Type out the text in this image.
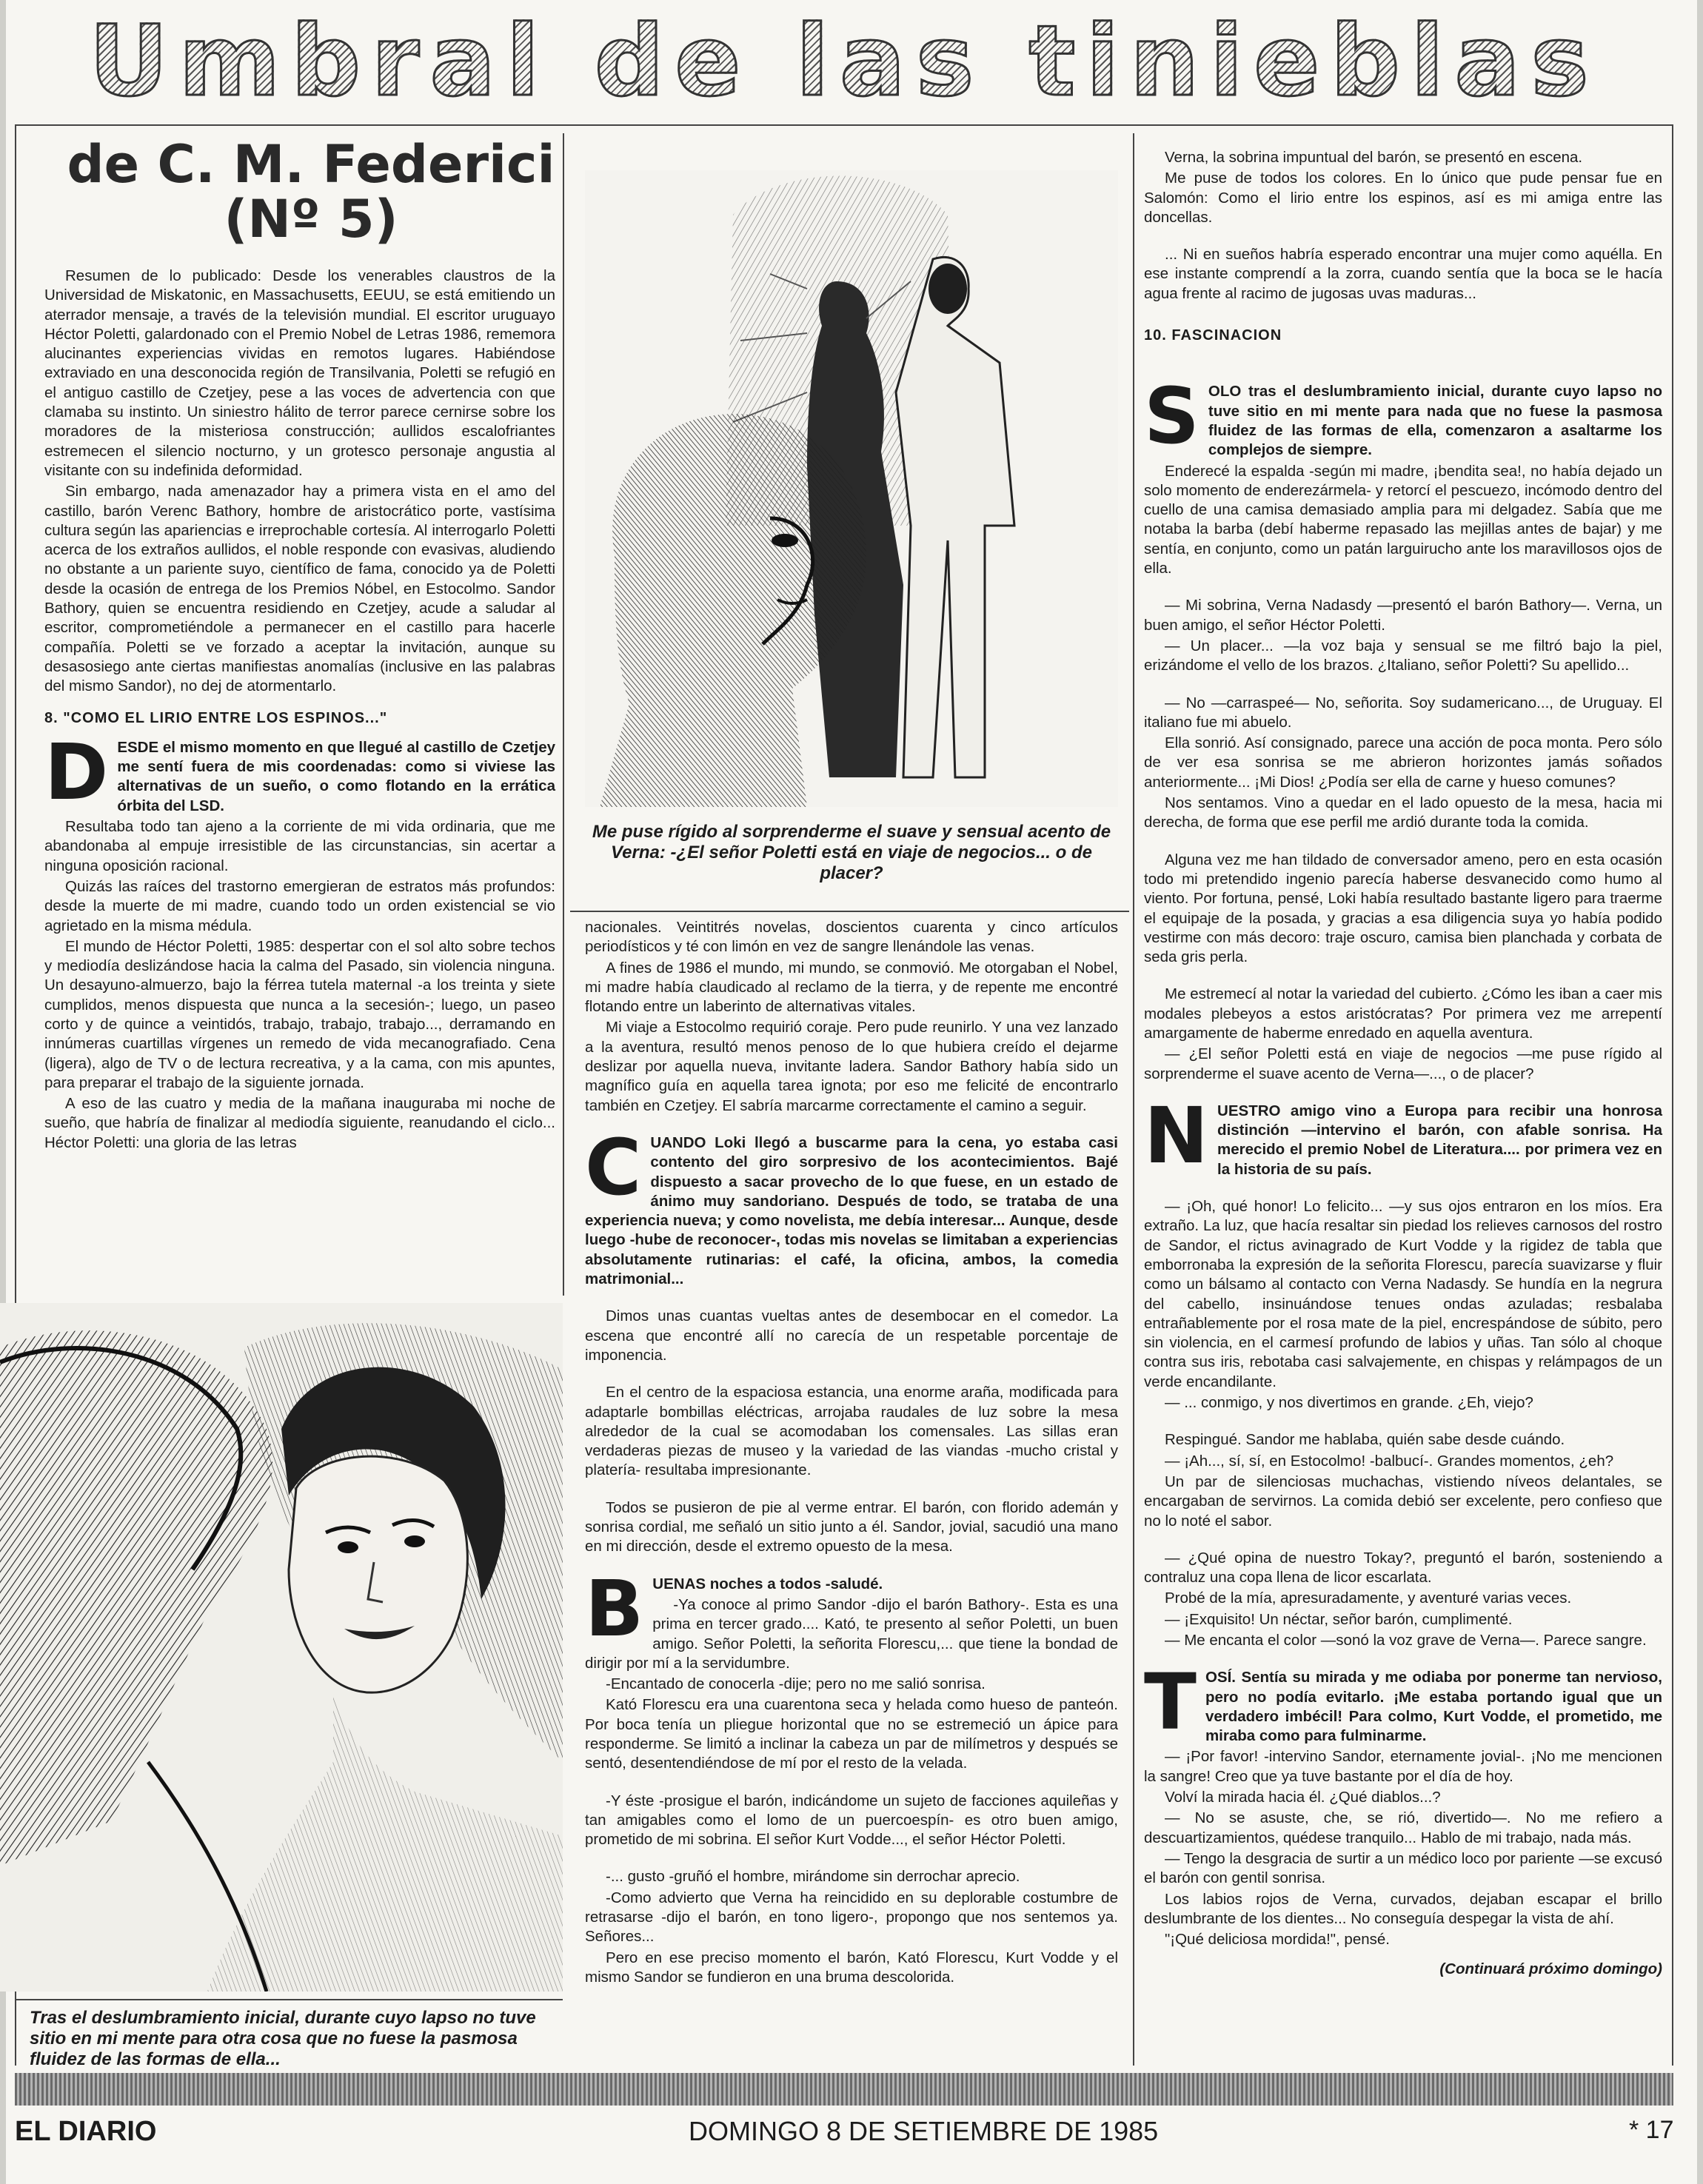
Umbral de las tinieblas
de C. M. Federici
(Nº 5)

Resumen de lo publicado: Desde los venerables claustros de la Universidad de Miskatonic, en Massachusetts, EEUU, se está emitiendo un aterrador mensaje, a través de la televisión mundial. El escritor uruguayo Héctor Poletti, galardonado con el Premio Nobel de Letras 1986, rememora alucinantes experiencias vividas en remotos lugares. Habiéndose extraviado en una desconocida región de Transilvania, Poletti se refugió en el antiguo castillo de Czetjey, pese a las voces de advertencia con que clamaba su instinto. Un siniestro hálito de terror parece cernirse sobre los moradores de la misteriosa construcción; aullidos escalofriantes estremecen el silencio nocturno, y un grotesco personaje angustia al visitante con su indefinida deformidad.

Sin embargo, nada amenazador hay a primera vista en el amo del castillo, barón Verenc Bathory, hombre de aristocrático porte, vastísima cultura según las apariencias e irreprochable cortesía. Al interrogarlo Poletti acerca de los extraños aullidos, el noble responde con evasivas, aludiendo no obstante a un pariente suyo, científico de fama, conocido ya de Poletti desde la ocasión de entrega de los Premios Nóbel, en Estocolmo. Sandor Bathory, quien se encuentra residiendo en Czetjey, acude a saludar al escritor, comprometiéndole a permanecer en el castillo para hacerle compañía. Poletti se ve forzado a aceptar la invitación, aunque su desasosiego ante ciertas manifiestas anomalías (inclusive en las palabras del mismo Sandor), no dej de atormentarlo.

8. "COMO EL LIRIO ENTRE LOS ESPINOS..."

DESDE el mismo momento en que llegué al castillo de Czetjey me sentí fuera de mis coordenadas: como si viviese las alternativas de un sueño, o como flotando en la errática órbita del LSD.

Resultaba todo tan ajeno a la corriente de mi vida ordinaria, que me abandonaba al empuje irresistible de las circunstancias, sin acertar a ninguna oposición racional.

Quizás las raíces del trastorno emergieran de estratos más profundos: desde la muerte de mi madre, cuando todo un orden existencial se vio agrietado en la misma médula.

El mundo de Héctor Poletti, 1985: despertar con el sol alto sobre techos y mediodía deslizándose hacia la calma del Pasado, sin violencia ninguna. Un desayuno-almuerzo, bajo la férrea tutela maternal -a los treinta y siete cumplidos, menos dispuesta que nunca a la secesión-; luego, un paseo corto y de quince a veintidós, trabajo, trabajo, trabajo..., derramando en innúmeras cuartillas vírgenes un remedo de vida mecanografiado. Cena (ligera), algo de TV o de lectura recreativa, y a la cama, con mis apuntes, para preparar el trabajo de la siguiente jornada.

A eso de las cuatro y media de la mañana inauguraba mi noche de sueño, que habría de finalizar al mediodía siguiente, reanudando el ciclo... Héctor Poletti: una gloria de las letras

Tras el deslumbramiento inicial, durante cuyo lapso no tuve sitio en mi mente para otra cosa que no fuese la pasmosa fluidez de las formas de ella...
Me puse rígido al sorprenderme el suave y sensual acento de Verna: -¿El señor Poletti está en viaje de negocios... o de placer?

nacionales. Veintitrés novelas, doscientos cuarenta y cinco artículos periodísticos y té con limón en vez de sangre llenándole las venas.

A fines de 1986 el mundo, mi mundo, se conmovió. Me otorgaban el Nobel, mi madre había claudicado al reclamo de la tierra, y de repente me encontré flotando entre un laberinto de alternativas vitales.

Mi viaje a Estocolmo requirió coraje. Pero pude reunirlo. Y una vez lanzado a la aventura, resultó menos penoso de lo que hubiera creído el dejarme deslizar por aquella nueva, invitante ladera. Sandor Bathory había sido un magnífico guía en aquella tarea ignota; por eso me felicité de encontrarlo también en Czetjey. El sabría marcarme correctamente el camino a seguir.

CUANDO Loki llegó a buscarme para la cena, yo estaba casi contento del giro sorpresivo de los acontecimientos. Bajé dispuesto a sacar provecho de lo que fuese, en un estado de ánimo muy sandoriano. Después de todo, se trataba de una experiencia nueva; y como novelista, me debía interesar... Aunque, desde luego -hube de reconocer-, todas mis novelas se limitaban a experiencias absolutamente rutinarias: el café, la oficina, ambos, la comedia matrimonial...

Dimos unas cuantas vueltas antes de desembocar en el comedor. La escena que encontré allí no carecía de un respetable porcentaje de imponencia.

En el centro de la espaciosa estancia, una enorme araña, modificada para adaptarle bombillas eléctricas, arrojaba raudales de luz sobre la mesa alrededor de la cual se acomodaban los comensales. Las sillas eran verdaderas piezas de museo y la variedad de las viandas -mucho cristal y platería- resultaba impresionante.

Todos se pusieron de pie al verme entrar. El barón, con florido ademán y sonrisa cordial, me señaló un sitio junto a él. Sandor, jovial, sacudió una mano en mi dirección, desde el extremo opuesto de la mesa.

BUENAS noches a todos -saludé.

-Ya conoce al primo Sandor -dijo el barón Bathory-. Esta es una prima en tercer grado.... Kató, te presento al señor Poletti, un buen amigo. Señor Poletti, la señorita Florescu,... que tiene la bondad de dirigir por mí a la servidumbre.

-Encantado de conocerla -dije; pero no me salió sonrisa.

Kató Florescu era una cuarentona seca y helada como hueso de panteón. Por boca tenía un pliegue horizontal que no se estremeció un ápice para responderme. Se limitó a inclinar la cabeza un par de milímetros y después se sentó, desentendiéndose de mí por el resto de la velada.

-Y éste -prosigue el barón, indicándome un sujeto de facciones aquileñas y tan amigables como el lomo de un puercoespín- es otro buen amigo, prometido de mi sobrina. El señor Kurt Vodde..., el señor Héctor Poletti.

-... gusto -gruñó el hombre, mirándome sin derrochar aprecio.

-Como advierto que Verna ha reincidido en su deplorable costumbre de retrasarse -dijo el barón, en tono ligero-, propongo que nos sentemos ya. Señores...

Pero en ese preciso momento el barón, Kató Florescu, Kurt Vodde y el mismo Sandor se fundieron en una bruma descolorida.

Verna, la sobrina impuntual del barón, se presentó en escena.

Me puse de todos los colores. En lo único que pude pensar fue en Salomón: Como el lirio entre los espinos, así es mi amiga entre las doncellas.

... Ni en sueños habría esperado encontrar una mujer como aquélla. En ese instante comprendí a la zorra, cuando sentía que la boca se le hacía agua frente al racimo de jugosas uvas maduras...

10. FASCINACION

SOLO tras el deslumbramiento inicial, durante cuyo lapso no tuve sitio en mi mente para nada que no fuese la pasmosa fluidez de las formas de ella, comenzaron a asaltarme los complejos de siempre.

Enderecé la espalda -según mi madre, ¡bendita sea!, no había dejado un solo momento de enderezármela- y retorcí el pescuezo, incómodo dentro del cuello de una camisa demasiado amplia para mi delgadez. Sabía que me notaba la barba (debí haberme repasado las mejillas antes de bajar) y me sentía, en conjunto, como un patán larguirucho ante los maravillosos ojos de ella.

— Mi sobrina, Verna Nadasdy —presentó el barón Bathory—. Verna, un buen amigo, el señor Héctor Poletti.

— Un placer... —la voz baja y sensual se me filtró bajo la piel, erizándome el vello de los brazos. ¿Italiano, señor Poletti? Su apellido...

— No —carraspeé— No, señorita. Soy sudamericano..., de Uruguay. El italiano fue mi abuelo.

Ella sonrió. Así consignado, parece una acción de poca monta. Pero sólo de ver esa sonrisa se me abrieron horizontes jamás soñados anteriormente... ¡Mi Dios! ¿Podía ser ella de carne y hueso comunes?

Nos sentamos. Vino a quedar en el lado opuesto de la mesa, hacia mi derecha, de forma que ese perfil me ardió durante toda la comida.

Alguna vez me han tildado de conversador ameno, pero en esta ocasión todo mi pretendido ingenio parecía haberse desvanecido como humo al viento. Por fortuna, pensé, Loki había resultado bastante ligero para traerme el equipaje de la posada, y gracias a esa diligencia suya yo había podido vestirme con más decoro: traje oscuro, camisa bien planchada y corbata de seda gris perla.

Me estremecí al notar la variedad del cubierto. ¿Cómo les iban a caer mis modales plebeyos a estos aristócratas? Por primera vez me arrepentí amargamente de haberme enredado en aquella aventura.

— ¿El señor Poletti está en viaje de negocios —me puse rígido al sorprenderme el suave acento de Verna—..., o de placer?

NUESTRO amigo vino a Europa para recibir una honrosa distinción —intervino el barón, con afable sonrisa. Ha merecido el premio Nobel de Literatura.... por primera vez en la historia de su país.

— ¡Oh, qué honor! Lo felicito... —y sus ojos entraron en los míos. Era extraño. La luz, que hacía resaltar sin piedad los relieves carnosos del rostro de Sandor, el rictus avinagrado de Kurt Vodde y la rigidez de tabla que emborronaba la expresión de la señorita Florescu, parecía suavizarse y fluir como un bálsamo al contacto con Verna Nadasdy. Se hundía en la negrura del cabello, insinuándose tenues ondas azuladas; resbalaba entrañablemente por el rosa mate de la piel, encrespándose de súbito, pero sin violencia, en el carmesí profundo de labios y uñas. Tan sólo al choque contra sus iris, rebotaba casi salvajemente, en chispas y relámpagos de un verde encandilante.

— ... conmigo, y nos divertimos en grande. ¿Eh, viejo?

Respingué. Sandor me hablaba, quién sabe desde cuándo.

— ¡Ah..., sí, sí, en Estocolmo! -balbucí-. Grandes momentos, ¿eh?

Un par de silenciosas muchachas, vistiendo níveos delantales, se encargaban de servirnos. La comida debió ser excelente, pero confieso que no lo noté el sabor.

— ¿Qué opina de nuestro Tokay?, preguntó el barón, sosteniendo a contraluz una copa llena de licor escarlata.

Probé de la mía, apresuradamente, y aventuré varias veces.

— ¡Exquisito! Un néctar, señor barón, cumplimenté.

— Me encanta el color —sonó la voz grave de Verna—. Parece sangre.

TOSÍ. Sentía su mirada y me odiaba por ponerme tan nervioso, pero no podía evitarlo. ¡Me estaba portando igual que un verdadero imbécil! Para colmo, Kurt Vodde, el prometido, me miraba como para fulminarme.

— ¡Por favor! -intervino Sandor, eternamente jovial-. ¡No me mencionen la sangre! Creo que ya tuve bastante por el día de hoy.

Volví la mirada hacia él. ¿Qué diablos...?

— No se asuste, che, se rió, divertido—. No me refiero a descuartizamientos, quédese tranquilo... Hablo de mi trabajo, nada más.

— Tengo la desgracia de surtir a un médico loco por pariente —se excusó el barón con gentil sonrisa.

Los labios rojos de Verna, curvados, dejaban escapar el brillo deslumbrante de los dientes... No conseguía despegar la vista de ahí.

"¡Qué deliciosa mordida!", pensé.

(Continuará próximo domingo)

EL DIARIO	DOMINGO 8 DE SETIEMBRE DE 1985	* 17
